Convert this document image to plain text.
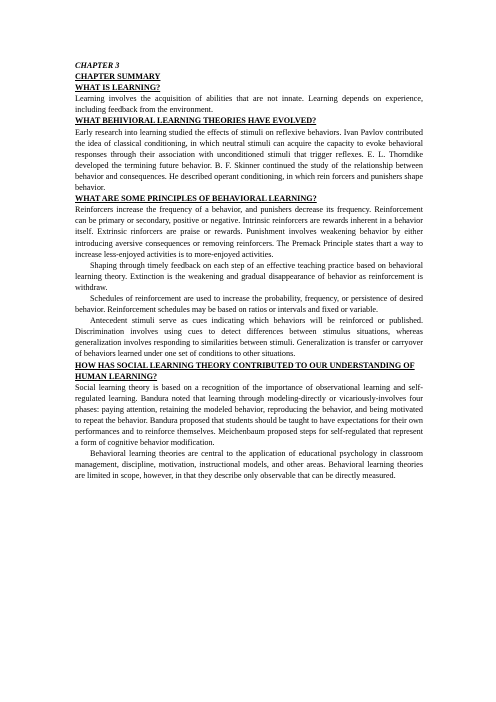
CHAPTER 3
CHAPTER SUMMARY
WHAT IS LEARNING?
Learning involves the acquisition of abilities that are not innate. Learning depends on experience, including feedback from the environment.
WHAT BEHIVIORAL LEARNING THEORIES HAVE EVOLVED?
Early research into learning studied the effects of stimuli on reflexive behaviors. Ivan Pavlov contributed the idea of classical conditioning, in which neutral stimuli can acquire the capacity to evoke behavioral responses through their association with unconditioned stimuli that trigger reflexes. E. L. Thorndike developed the termining future behavior. B. F. Skinner continued the study of the relationship between behavior and consequences. He described operant conditioning, in which rein forcers and punishers shape behavior.
WHAT ARE SOME PRINCIPLES OF BEHAVIORAL LEARNING?
Reinforcers increase the frequency of a behavior, and punishers decrease its frequency. Reinforcement can be primary or secondary, positive or negative. Intrinsic reinforcers are rewards inherent in a behavior itself. Extrinsic rinforcers are praise or rewards. Punishment involves weakening behavior by either introducing aversive consequences or removing reinforcers. The Premack Principle states thart a way to increase less-enjoyed activities is to more-enjoyed activities.
Shaping through timely feedback on each step of an effective teaching practice based on behavioral learning theory. Extinction is the weakening and gradual disappearance of behavior as reinforcement is withdraw.
Schedules of reinforcement are used to increase the probability, frequency, or persistence of desired behavior. Reinforcement schedules may be based on ratios or intervals and fixed or variable.
Antecedent stimuli serve as cues indicating which behaviors will be reinforced or published. Discrimination involves using cues to detect differences between stimulus situations, whereas generalization involves responding to similarities between stimuli. Generalization is transfer or carryover of behaviors learned under one set of conditions to other situations.
HOW HAS SOCIAL LEARNING THEORY CONTRIBUTED TO OUR UNDERSTANDING OF HUMAN LEARNING?
Social learning theory is based on a recognition of the importance of observational learning and self-regulated learning. Bandura noted that learning through modeling-directly or vicariously-involves four phases: paying attention, retaining the modeled behavior, reproducing the behavior, and being motivated to repeat the behavior. Bandura proposed that students should be taught to have expectations for their own performances and to reinforce themselves. Meichenbaum proposed steps for self-regulated that represent a form of cognitive behavior modification.
Behavioral learning theories are central to the application of educational psychology in classroom management, discipline, motivation, instructional models, and other areas. Behavioral learning theories are limited in scope, however, in that they describe only observable that can be directly measured.
